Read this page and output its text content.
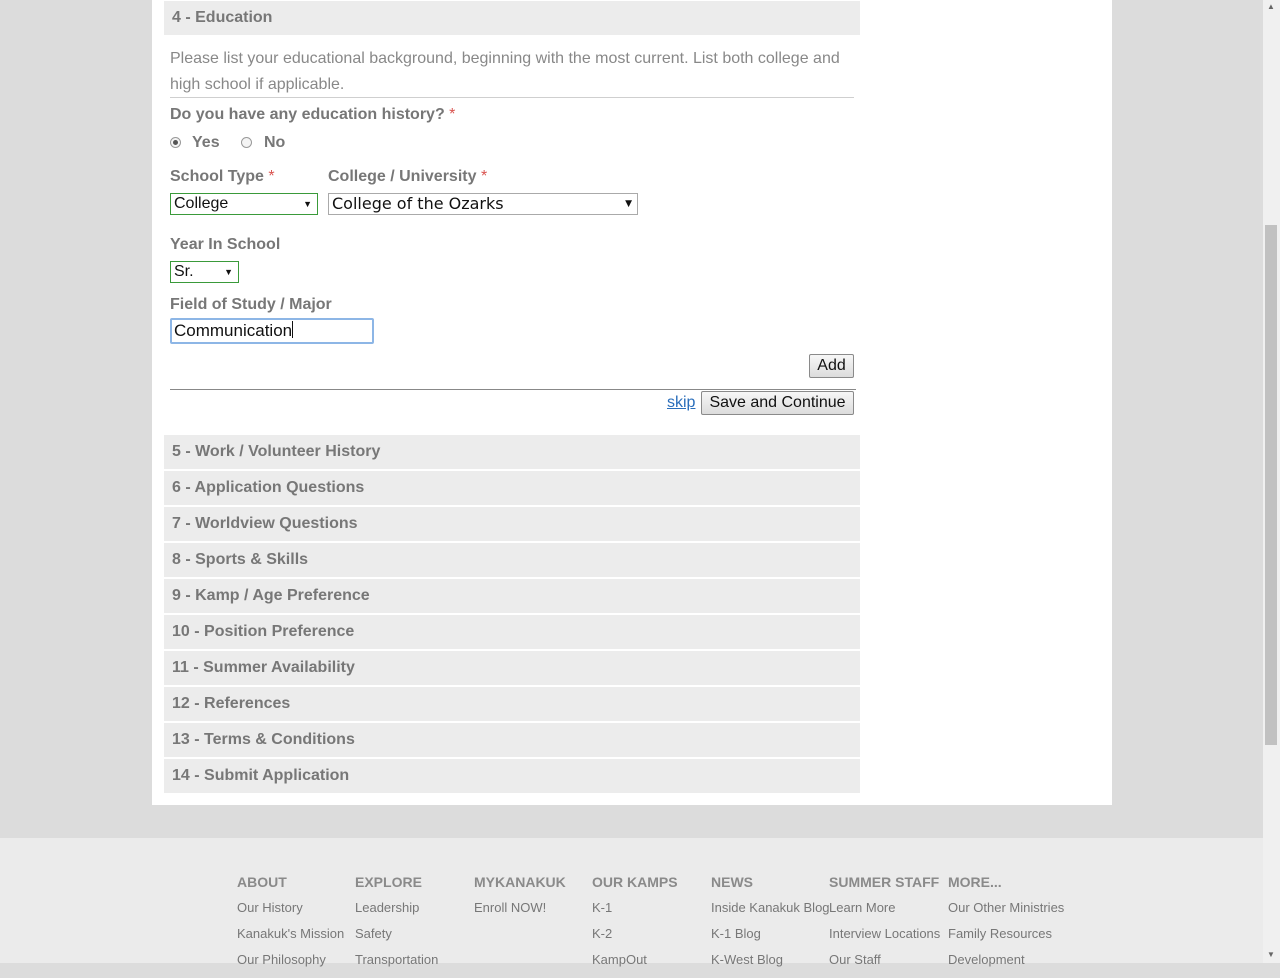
4 - Education
Please list your educational background, beginning with the most current. List both college and high school if applicable.
Do you have any education history? *
Yes	No
School Type *	College / University *
College	▼ College of the Ozarks	▼
Year In School
Sr.	▼
Field of Study / Major
Communication
Add
skip Save and Continue
5 - Work / Volunteer History
6 - Application Questions
7 - Worldview Questions
8 - Sports & Skills
9 - Kamp / Age Preference
10 - Position Preference
11 - Summer Availability
12 - References
13 - Terms & Conditions
14 - Submit Application
ABOUT
Our History
Kanakuk's Mission
Our Philosophy
EXPLORE
Leadership
Safety
Transportation
MYKANAKUK
Enroll NOW!
OUR KAMPS
K-1
K-2
KampOut
NEWS
Inside Kanakuk Blog
K-1 Blog
K-West Blog
SUMMER STAFF
Learn More
Interview Locations
Our Staff
MORE...
Our Other Ministries
Family Resources
Development
▲
▼
